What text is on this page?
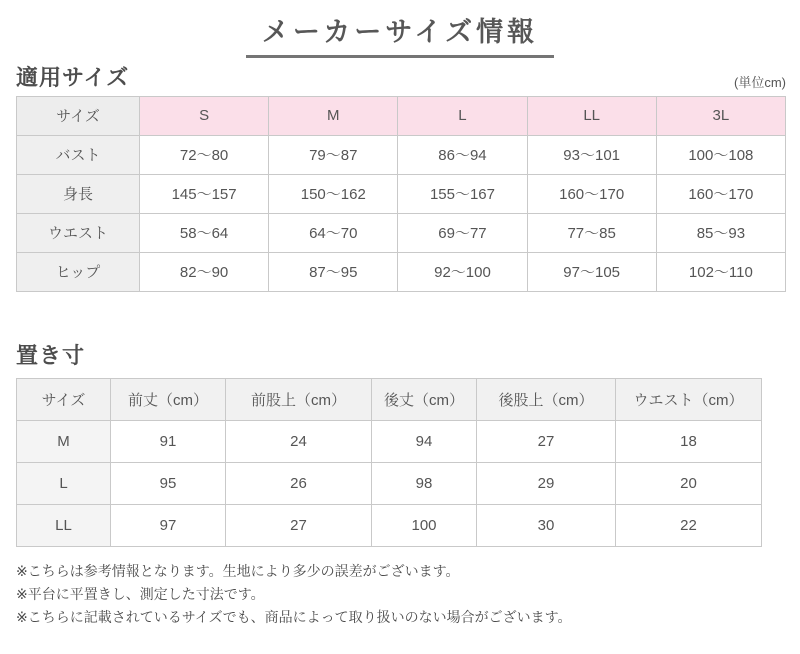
メーカーサイズ情報
適用サイズ	(単位cm)
サイズ	S	M	L	LL	3L
バスト	72～80	79～87	86～94	93～101	100～108
身長	145～157	150～162	155～167	160～170	160～170
ウエスト	58～64	64～70	69～77	77～85	85～93
ヒップ	82～90	87～95	92～100	97～105	102～110
置き寸
サイズ	前丈（cm）	前股上（cm）	後丈（cm）	後股上（cm）	ウエスト（cm）
M	91	24	94	27	18
L	95	26	98	29	20
LL	97	27	100	30	22
※こちらは参考情報となります。生地により多少の誤差がございます。
※平台に平置きし、測定した寸法です。
※こちらに記載されているサイズでも、商品によって取り扱いのない場合がございます。
